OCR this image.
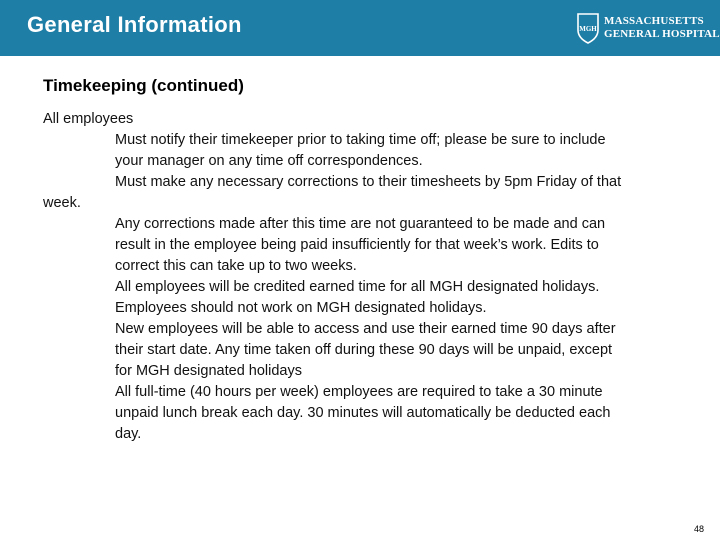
General Information	MGH
MASSACHUSETTS
GENERAL HOSPITAL
Timekeeping (continued)
All employees
Must notify their timekeeper prior to taking time off; please be sure to include
your manager on any time off correspondences.
Must make any necessary corrections to their timesheets by 5pm Friday of that
week.
Any corrections made after this time are not guaranteed to be made and can
result in the employee being paid insufficiently for that week’s work. Edits to
correct this can take up to two weeks.
All employees will be credited earned time for all MGH designated holidays.
Employees should not work on MGH designated holidays.
New employees will be able to access and use their earned time 90 days after
their start date. Any time taken off during these 90 days will be unpaid, except
for MGH designated holidays
All full-time (40 hours per week) employees are required to take a 30 minute
unpaid lunch break each day. 30 minutes will automatically be deducted each
day.
48
